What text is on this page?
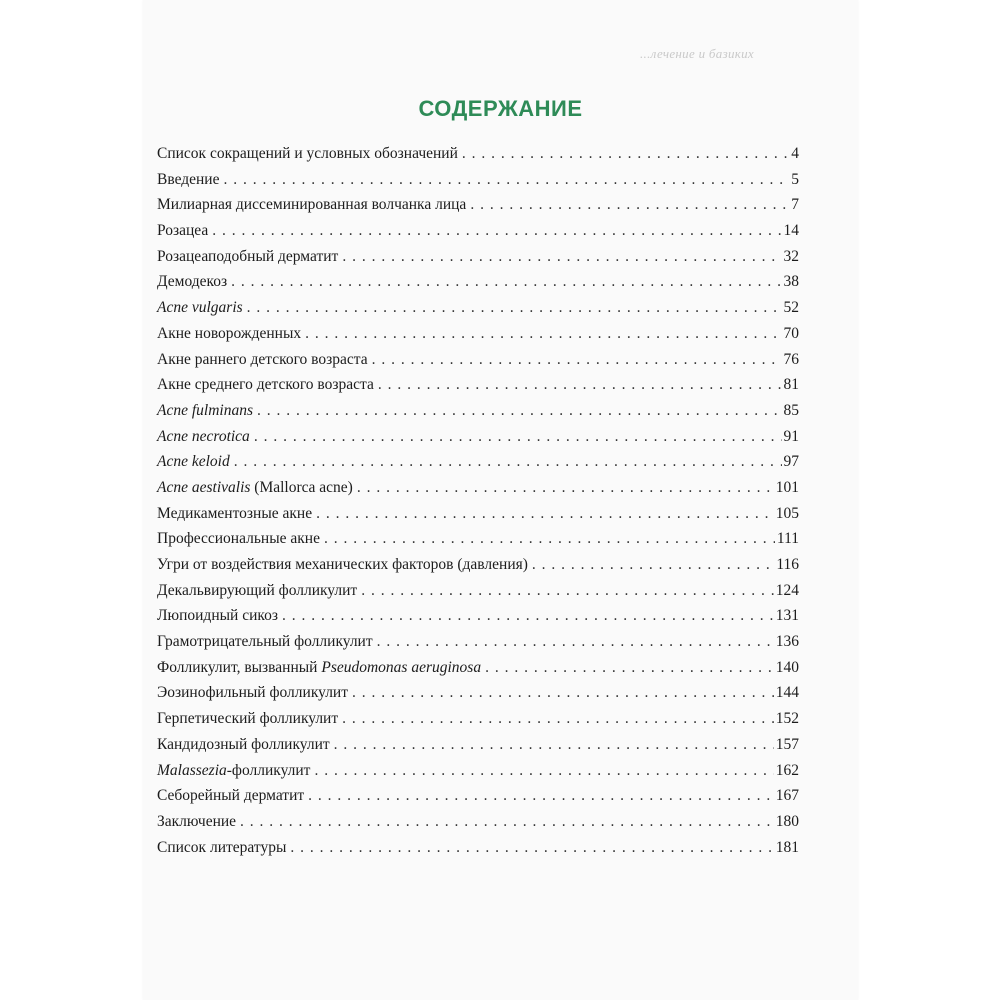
...лечение и базиких
СОДЕРЖАНИЕ
Список сокращений и условных обозначений . . .	4
Введение . . .	5
Милиарная диссеминированная волчанка лица . . .	7
Розацеа . . .	14
Розацеаподобный дерматит . . .	32
Демодекоз . . .	38
Acne vulgaris . . .	52
Акне новорожденных . . .	70
Акне раннего детского возраста . . .	76
Акне среднего детского возраста . . .	81
Acne fulminans . . .	85
Acne necrotica . . .	91
Acne keloid . . .	97
Acne aestivalis (Mallorca acne) . . .	101
Медикаментозные акне . . .	105
Профессиональные акне . . .	111
Угри от воздействия механических факторов (давления) . . .	116
Декальвирующий фолликулит . . .	124
Люпоидный сикоз . . .	131
Грамотрицательный фолликулит . . .	136
Фолликулит, вызванный Pseudomonas aeruginosa . . .	140
Эозинофильный фолликулит . . .	144
Герпетический фолликулит . . .	152
Кандидозный фолликулит . . .	157
Malassezia-фолликулит . . .	162
Себорейный дерматит . . .	167
Заключение . . .	180
Список литературы . . .	181
